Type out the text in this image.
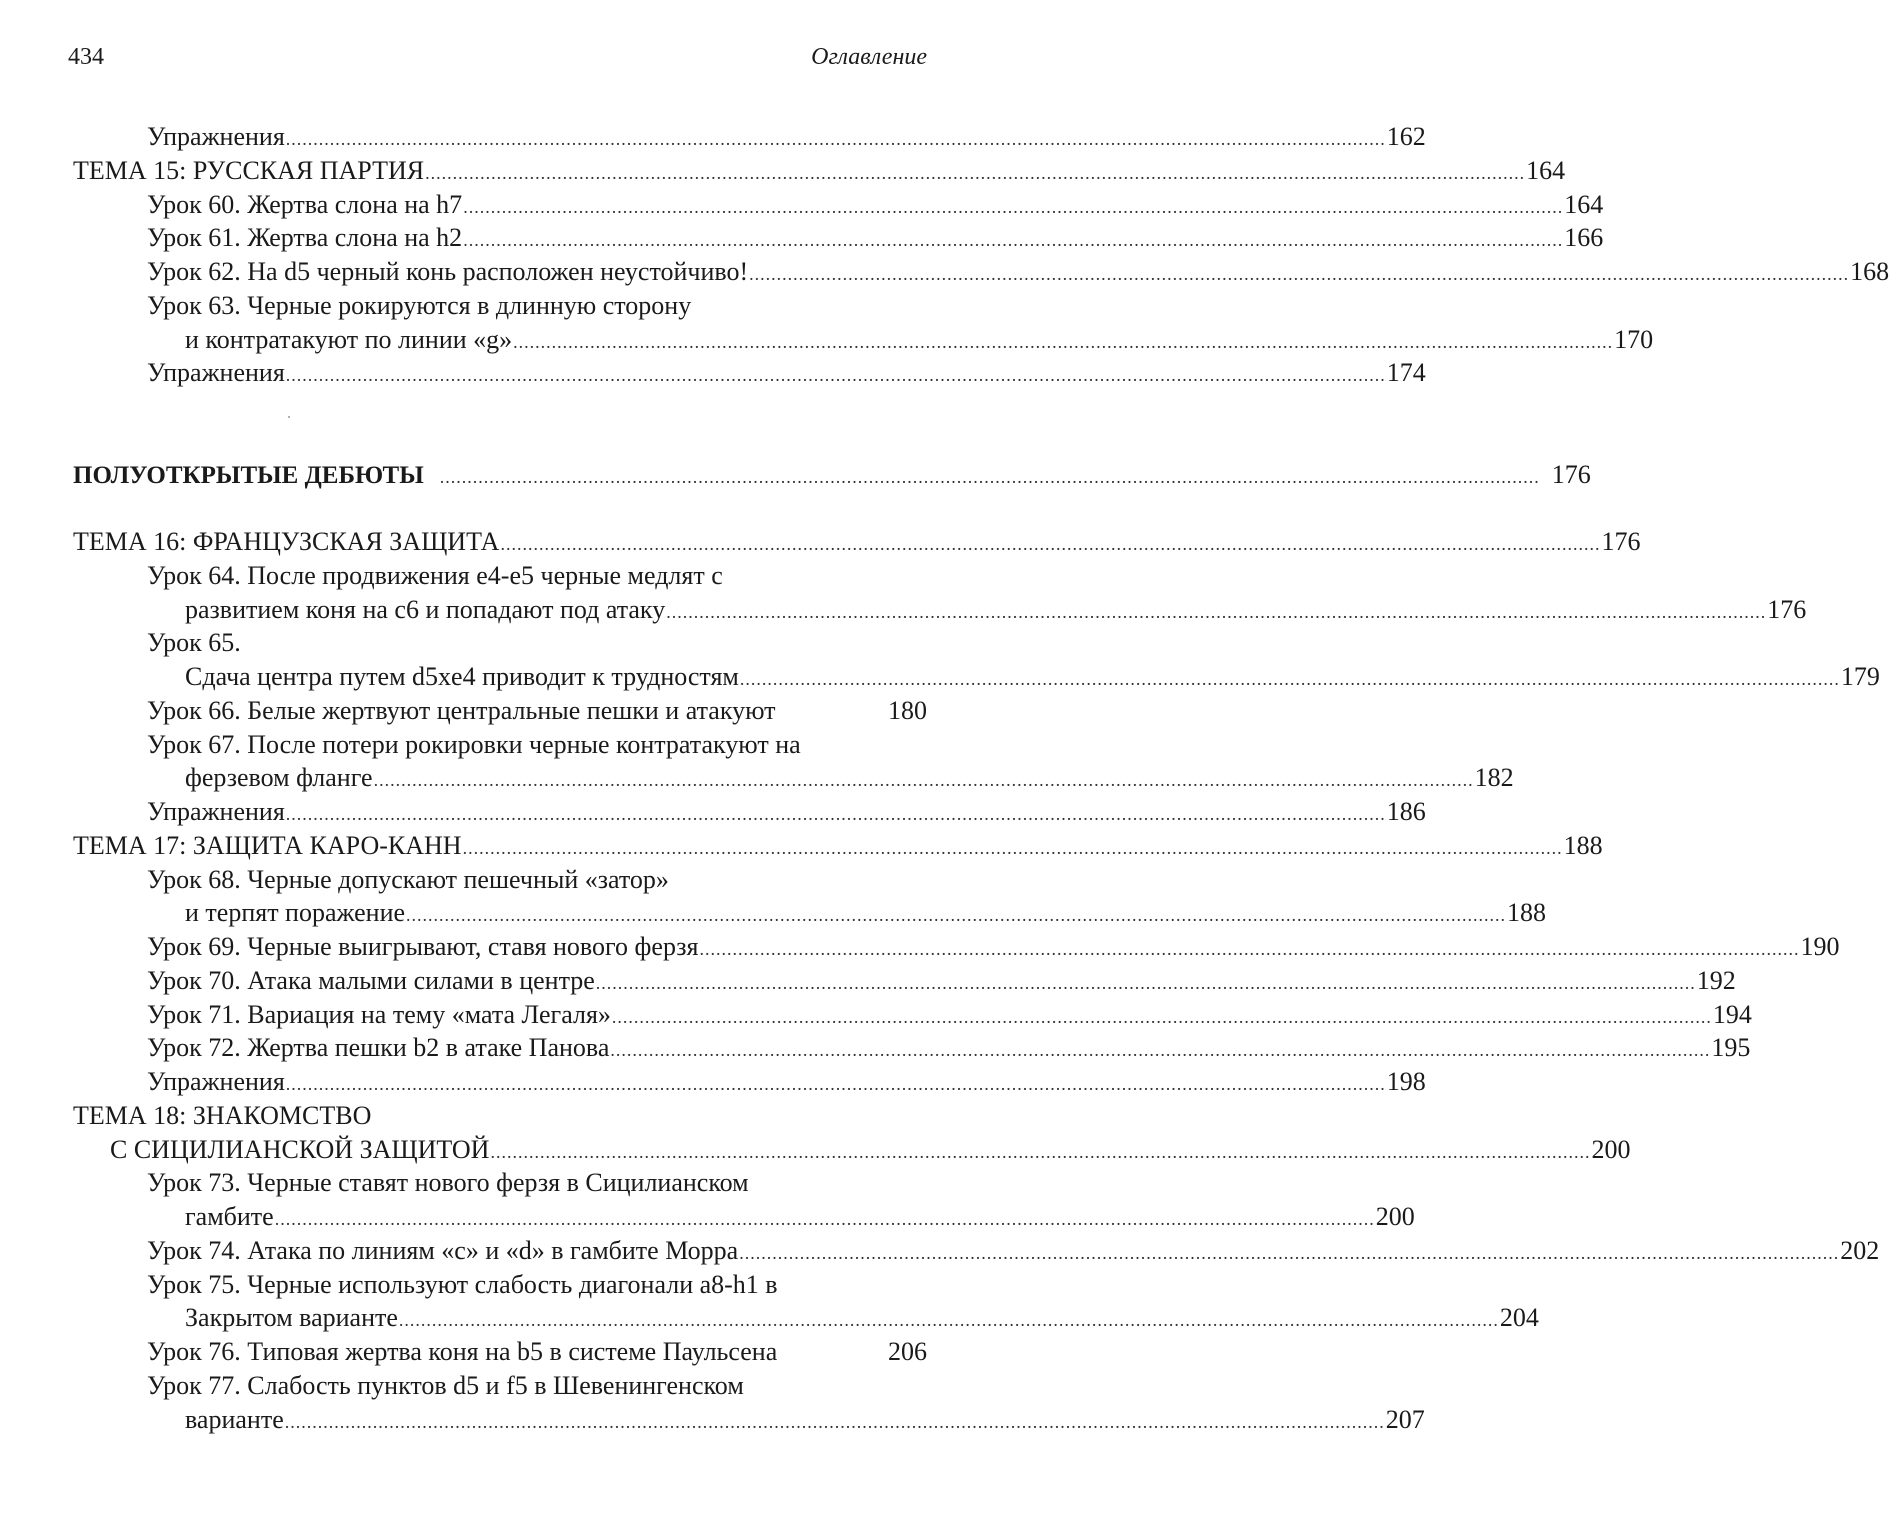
434	Оглавление
Упражнения ........................................................................................................................................................................................................ 162
ТЕМА 15: РУССКАЯ ПАРТИЯ ........................................................................................................................................................................................................ 164
Урок 60. Жертва слона на h7 ........................................................................................................................................................................................................ 164
Урок 61. Жертва слона на h2 ........................................................................................................................................................................................................ 166
Урок 62. На d5 черный конь расположен неустойчиво! ........................................................................................................................................................................................................ 168
Урок 63. Черные рокируются в длинную сторону
и контратакуют по линии «g» ........................................................................................................................................................................................................ 170
Упражнения ........................................................................................................................................................................................................ 174
ПОЛУОТКРЫТЫЕ ДЕБЮТЫ ........................................................................................................................................................................................................ 176
ТЕМА 16: ФРАНЦУЗСКАЯ ЗАЩИТА ........................................................................................................................................................................................................ 176
Урок 64. После продвижения e4-e5 черные медлят с
развитием коня на c6 и попадают под атаку ........................................................................................................................................................................................................ 176
Урок 65.
Сдача центра путем d5xe4 приводит к трудностям ........................................................................................................................................................................................................ 179
Урок 66. Белые жертвуют центральные пешки и атакуют	180
Урок 67. После потери рокировки черные контратакуют на
ферзевом фланге ........................................................................................................................................................................................................ 182
Упражнения ........................................................................................................................................................................................................ 186
ТЕМА 17: ЗАЩИТА КАРО-КАНН ........................................................................................................................................................................................................ 188
Урок 68. Черные допускают пешечный «затор»
и терпят поражение ........................................................................................................................................................................................................ 188
Урок 69. Черные выигрывают, ставя нового ферзя ........................................................................................................................................................................................................ 190
Урок 70. Атака малыми силами в центре ........................................................................................................................................................................................................ 192
Урок 71. Вариация на тему «мата Легаля» ........................................................................................................................................................................................................ 194
Урок 72. Жертва пешки b2 в атаке Панова ........................................................................................................................................................................................................ 195
Упражнения ........................................................................................................................................................................................................ 198
ТЕМА 18: ЗНАКОМСТВО
С СИЦИЛИАНСКОЙ ЗАЩИТОЙ ........................................................................................................................................................................................................ 200
Урок 73. Черные ставят нового ферзя в Сицилианском
гамбите ........................................................................................................................................................................................................ 200
Урок 74. Атака по линиям «c» и «d» в гамбите Морра ........................................................................................................................................................................................................ 202
Урок 75. Черные используют слабость диагонали a8-h1 в
Закрытом варианте ........................................................................................................................................................................................................ 204
Урок 76. Типовая жертва коня на b5 в системе Паульсена	206
Урок 77. Слабость пунктов d5 и f5 в Шевенингенском
варианте ........................................................................................................................................................................................................ 207
